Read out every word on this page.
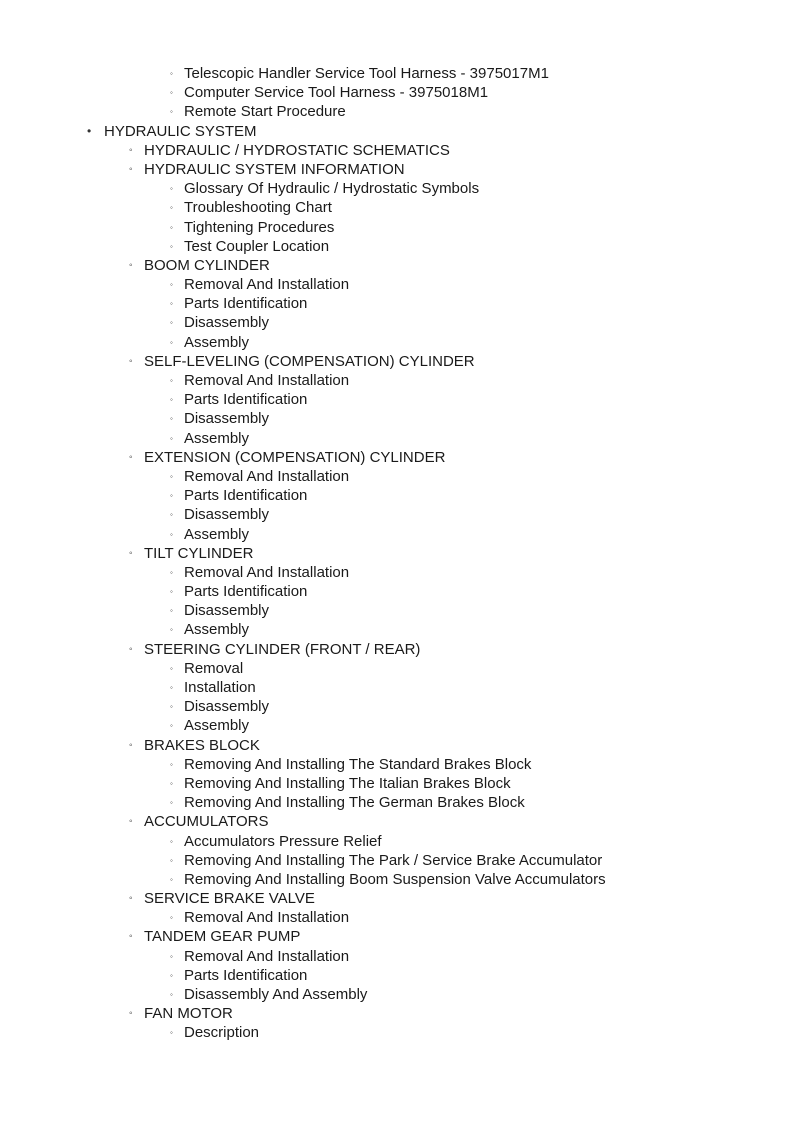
◦ Telescopic Handler Service Tool Harness - 3975017M1
◦ Computer Service Tool Harness - 3975018M1
◦ Remote Start Procedure
• HYDRAULIC SYSTEM
◦ HYDRAULIC / HYDROSTATIC SCHEMATICS
◦ HYDRAULIC SYSTEM INFORMATION
◦ Glossary Of Hydraulic / Hydrostatic Symbols
◦ Troubleshooting Chart
◦ Tightening Procedures
◦ Test Coupler Location
◦ BOOM CYLINDER
◦ Removal And Installation
◦ Parts Identification
◦ Disassembly
◦ Assembly
◦ SELF-LEVELING (COMPENSATION) CYLINDER
◦ Removal And Installation
◦ Parts Identification
◦ Disassembly
◦ Assembly
◦ EXTENSION (COMPENSATION) CYLINDER
◦ Removal And Installation
◦ Parts Identification
◦ Disassembly
◦ Assembly
◦ TILT CYLINDER
◦ Removal And Installation
◦ Parts Identification
◦ Disassembly
◦ Assembly
◦ STEERING CYLINDER (FRONT / REAR)
◦ Removal
◦ Installation
◦ Disassembly
◦ Assembly
◦ BRAKES BLOCK
◦ Removing And Installing The Standard Brakes Block
◦ Removing And Installing The Italian Brakes Block
◦ Removing And Installing The German Brakes Block
◦ ACCUMULATORS
◦ Accumulators Pressure Relief
◦ Removing And Installing The Park / Service Brake Accumulator
◦ Removing And Installing Boom Suspension Valve Accumulators
◦ SERVICE BRAKE VALVE
◦ Removal And Installation
◦ TANDEM GEAR PUMP
◦ Removal And Installation
◦ Parts Identification
◦ Disassembly And Assembly
◦ FAN MOTOR
◦ Description
